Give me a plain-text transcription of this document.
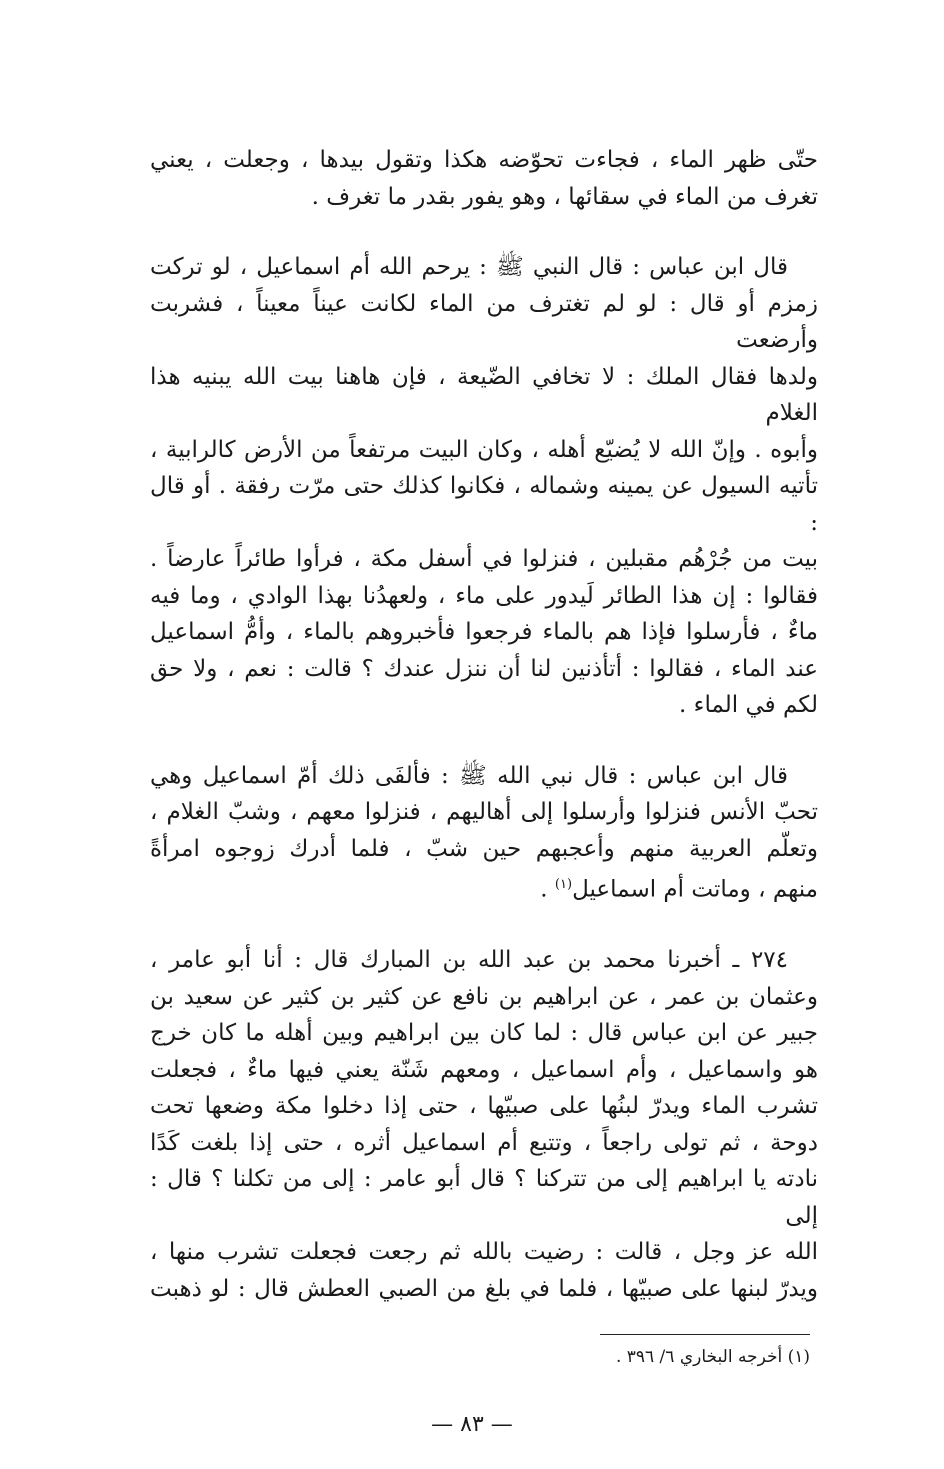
حتّى ظهر الماء ، فجاءت تحوّضه هكذا وتقول بيدها ، وجعلت ، يعني
تغرف من الماء في سقائها ، وهو يفور بقدر ما تغرف .

قال ابن عباس : قال النبي ﷺ : يرحم الله أم اسماعيل ، لو تركت
زمزم أو قال : لو لم تغترف من الماء لكانت عيناً معيناً ، فشربت وأرضعت
ولدها فقال الملك : لا تخافي الضّيعة ، فإن هاهنا بيت الله يبنيه هذا الغلام
وأبوه . وإنّ الله لا يُضيّع أهله ، وكان البيت مرتفعاً من الأرض كالرابية ،
تأتيه السيول عن يمينه وشماله ، فكانوا كذلك حتى مرّت رفقة . أو قال :
بيت من جُرْهُم مقبلين ، فنزلوا في أسفل مكة ، فرأوا طائراً عارضاً .
فقالوا : إن هذا الطائر لَيدور على ماء ، ولعهدُنا بهذا الوادي ، وما فيه
ماءٌ ، فأرسلوا فإذا هم بالماء فرجعوا فأخبروهم بالماء ، وأمُّ اسماعيل
عند الماء ، فقالوا : أتأذنين لنا أن ننزل عندك ؟ قالت : نعم ، ولا حق
لكم في الماء .

قال ابن عباس : قال نبي الله ﷺ : فألفَى ذلك أمّ اسماعيل وهي
تحبّ الأنس فنزلوا وأرسلوا إلى أهاليهم ، فنزلوا معهم ، وشبّ الغلام ،
وتعلّم العربية منهم وأعجبهم حين شبّ ، فلما أدرك زوجوه امرأةً
منهم ، وماتت أم اسماعيل$^{(١)}$ .

٢٧٤ ـ أخبرنا محمد بن عبد الله بن المبارك قال : أنا أبو عامر ،
وعثمان بن عمر ، عن ابراهيم بن نافع عن كثير بن كثير عن سعيد بن
جبير عن ابن عباس قال : لما كان بين ابراهيم وبين أهله ما كان خرج
هو واسماعيل ، وأم اسماعيل ، ومعهم شَنّة يعني فيها ماءٌ ، فجعلت
تشرب الماء ويدرّ لبنُها على صبيّها ، حتى إذا دخلوا مكة وضعها تحت
دوحة ، ثم تولى راجعاً ، وتتبع أم اسماعيل أثره ، حتى إذا بلغت كَدًا
نادته يا ابراهيم إلى من تتركنا ؟ قال أبو عامر : إلى من تكلنا ؟ قال : إلى
الله عز وجل ، قالت : رضيت بالله ثم رجعت فجعلت تشرب منها ،
ويدرّ لبنها على صبيّها ، فلما في بلغ من الصبي العطش قال : لو ذهبت

(١) أخرجه البخاري ٦/ ٣٩٦ .
— ٨٣ —
